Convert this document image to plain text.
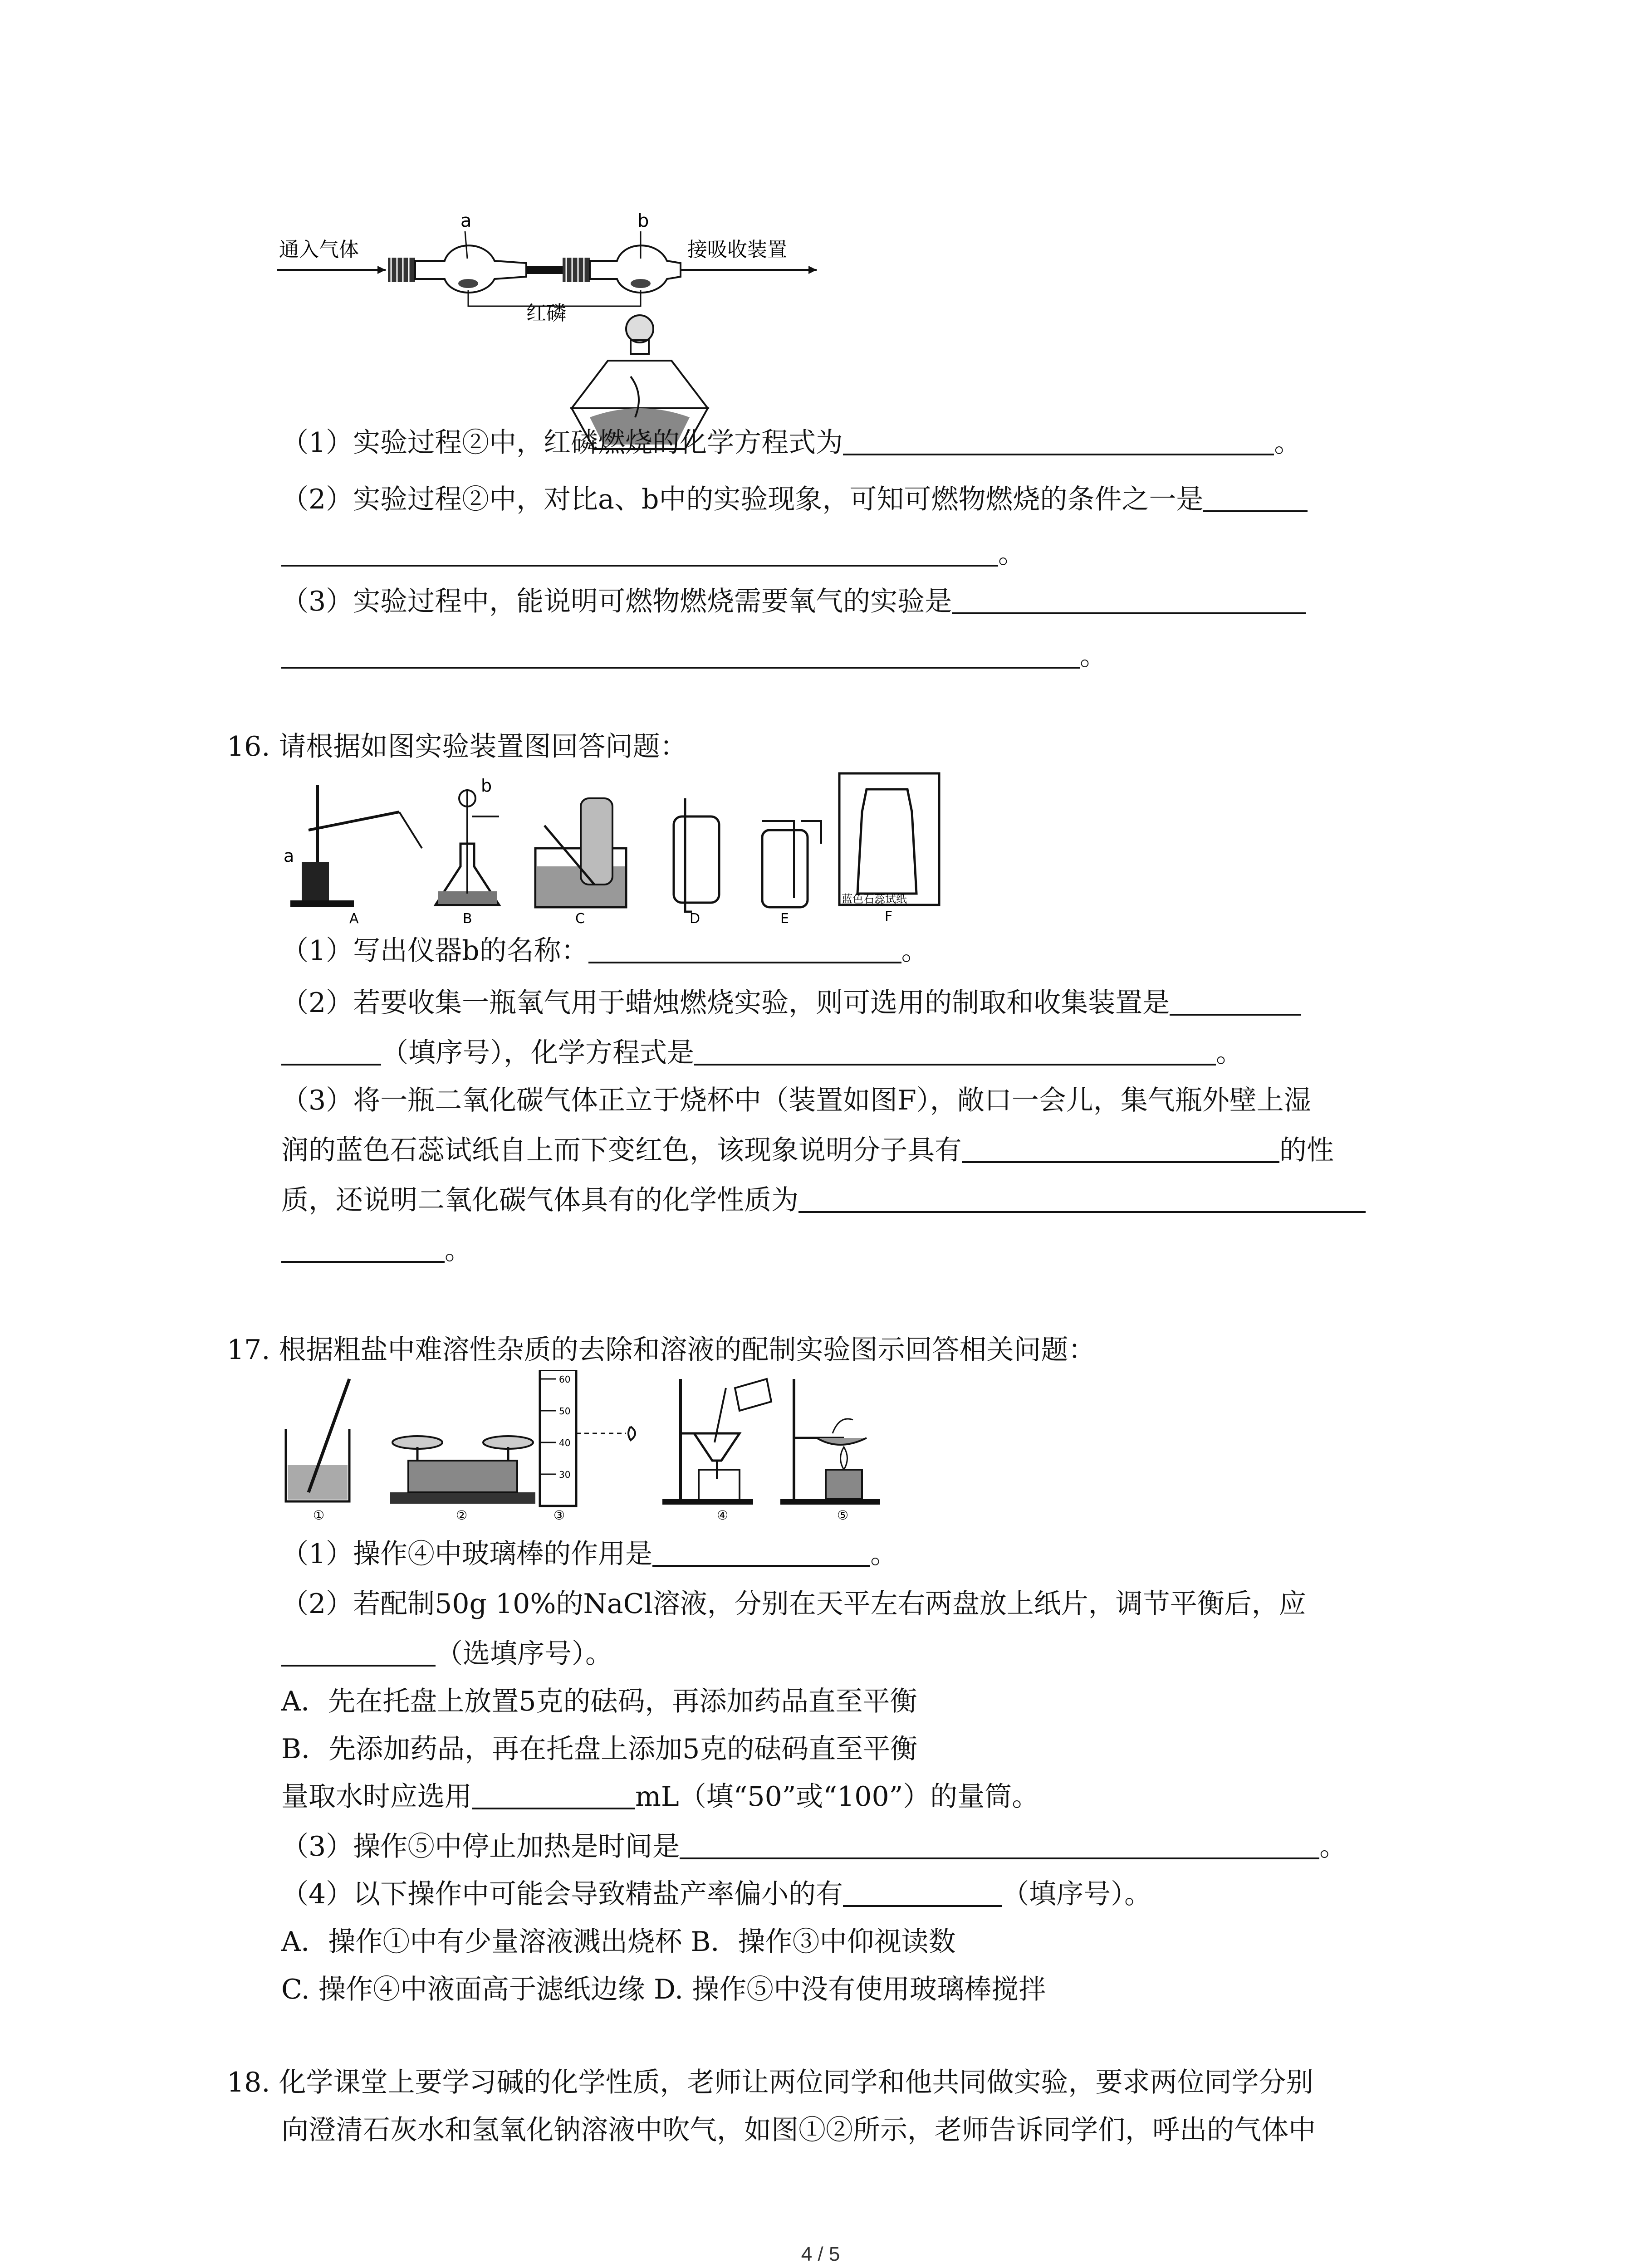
通入气体
a	b
接吸收装置
红磷
（1）实验过程②中，红磷燃烧的化学方程式为	。
（2）实验过程②中，对比a、b中的实验现象，可知可燃物燃烧的条件之一是
。
（3）实验过程中，能说明可燃物燃烧需要氧气的实验是
。
16. 请根据如图实验装置图回答问题：
a
A
b
B	C	D	E
蓝色石蕊试纸
F
（1）写出仪器b的名称：	。
（2）若要收集一瓶氧气用于蜡烛燃烧实验，则可选用的制取和收集装置是
（填序号），化学方程式是	。
（3）将一瓶二氧化碳气体正立于烧杯中（装置如图F），敞口一会儿，集气瓶外壁上湿
润的蓝色石蕊试纸自上而下变红色，该现象说明分子具有	的性
质，还说明二氧化碳气体具有的化学性质为
。
17. 根据粗盐中难溶性杂质的去除和溶液的配制实验图示回答相关问题：
①	②
60
50
40
30
③	④	⑤
（1）操作④中玻璃棒的作用是	。
（2）若配制50g 10%的NaCl溶液，分别在天平左右两盘放上纸片，调节平衡后，应
（选填序号）。
A．先在托盘上放置5克的砝码，再添加药品直至平衡
B．先添加药品，再在托盘上添加5克的砝码直至平衡
量取水时应选用	mL（填“50”或“100”）的量筒。
（3）操作⑤中停止加热是时间是	。
（4）以下操作中可能会导致精盐产率偏小的有	（填序号）。
A．操作①中有少量溶液溅出烧杯 B．操作③中仰视读数
C. 操作④中液面高于滤纸边缘 D. 操作⑤中没有使用玻璃棒搅拌
18. 化学课堂上要学习碱的化学性质，老师让两位同学和他共同做实验，要求两位同学分别
向澄清石灰水和氢氧化钠溶液中吹气，如图①②所示，老师告诉同学们，呼出的气体中
4 / 5
